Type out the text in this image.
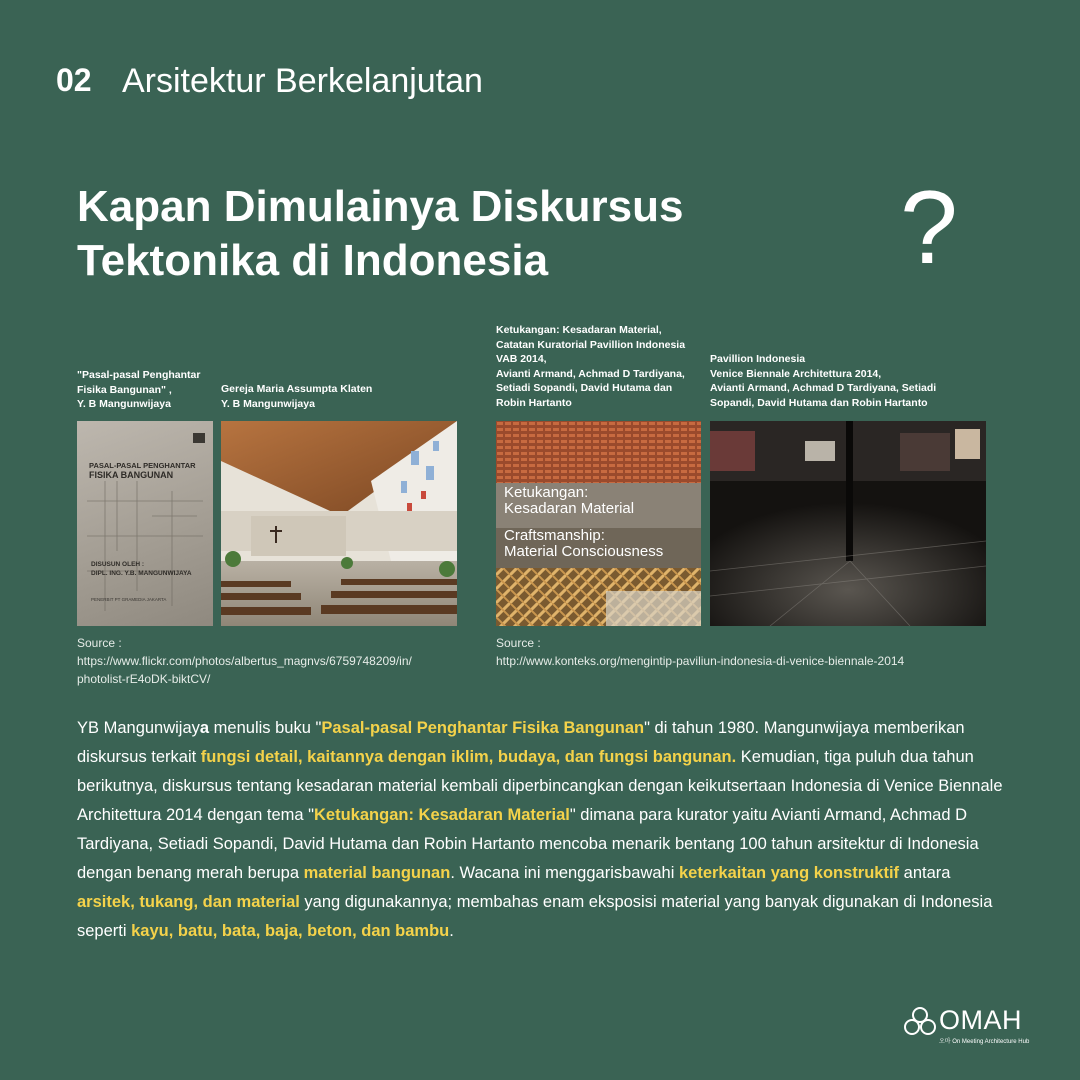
02 Arsitektur Berkelanjutan
Kapan Dimulainya Diskursus
Tektonika di Indonesia	?
"Pasal-pasal Penghantar
Fisika Bangunan" ,
Y. B Mangunwijaya
Gereja Maria Assumpta Klaten
Y. B Mangunwijaya
Ketukangan: Kesadaran Material,
Catatan Kuratorial Pavillion Indonesia
VAB 2014,
Avianti Armand, Achmad D Tardiyana,
Setiadi Sopandi, David Hutama dan
Robin Hartanto
Pavillion Indonesia
Venice Biennale Architettura 2014,
Avianti Armand, Achmad D Tardiyana, Setiadi
Sopandi, David Hutama dan Robin Hartanto
PASAL-PASAL PENGHANTAR
FISIKA BANGUNAN
DISUSUN OLEH :
DIPL. ING. Y.B. MANGUNWIJAYA
PENERBIT PT GRAMEDIA JAKARTA
Ketukangan:
Kesadaran Material
Craftsmanship:
Material Consciousness
Source :
https://www.flickr.com/photos/albertus_magnvs/6759748209/in/
photolist-rE4oDK-biktCV/
Source :
http://www.konteks.org/mengintip-paviliun-indonesia-di-venice-biennale-2014
YB Mangunwijaya menulis buku "Pasal-pasal Penghantar Fisika Bangunan" di tahun 1980. Mangunwijaya memberikan diskursus terkait fungsi detail, kaitannya dengan iklim, budaya, dan fungsi bangunan. Kemudian, tiga puluh dua tahun berikutnya, diskursus tentang kesadaran material kembali diperbincangkan dengan keikutsertaan Indonesia di Venice Biennale Architettura 2014 dengan tema "Ketukangan: Kesadaran Material" dimana para kurator yaitu Avianti Armand, Achmad D Tardiyana, Setiadi Sopandi, David Hutama dan Robin Hartanto mencoba menarik bentang 100 tahun arsitektur di Indonesia dengan benang merah berupa material bangunan. Wacana ini menggarisbawahi keterkaitan yang konstruktif antara arsitek, tukang, dan material yang digunakannya; membahas enam eksposisi material yang banyak digunakan di Indonesia seperti kayu, batu, bata, baja, beton, dan bambu.
OMAH
오마 On Meeting Architecture Hub
